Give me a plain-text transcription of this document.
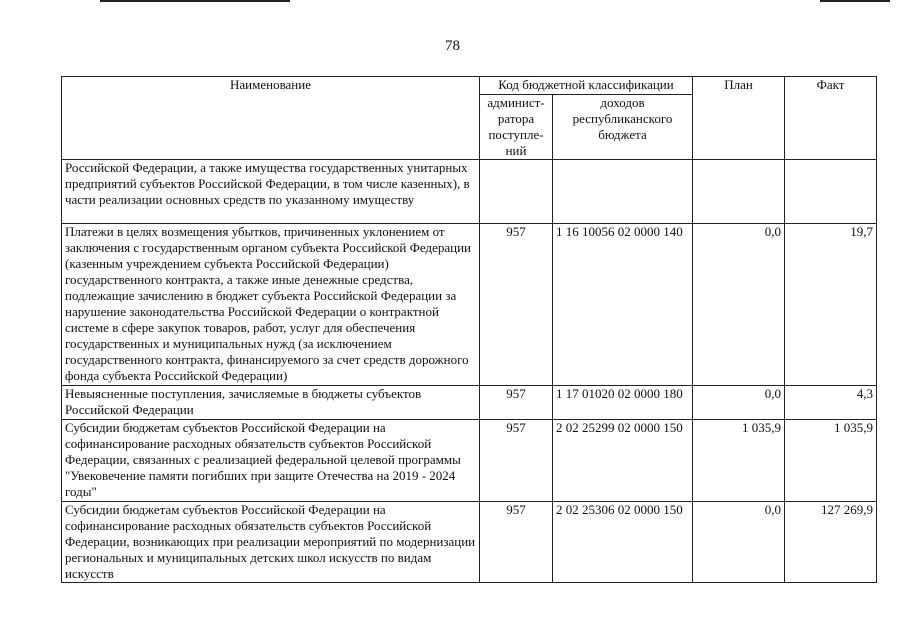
78
Наименование	Код бюджетной классификации		План	Факт
	админист-ратора поступле-ний	доходов республиканского бюджета		
Российской Федерации, а также имущества государственных унитарных предприятий субъектов Российской Федерации, в том числе казенных), в части реализации основных средств по указанному имуществу				
Платежи в целях возмещения убытков, причиненных уклонением от заключения с государственным органом субъекта Российской Федерации (казенным учреждением субъекта Российской Федерации) государственного контракта, а также иные денежные средства, подлежащие зачислению в бюджет субъекта Российской Федерации за нарушение законодательства Российской Федерации о контрактной системе в сфере закупок товаров, работ, услуг для обеспечения государственных и муниципальных нужд (за исключением государственного контракта, финансируемого за счет средств дорожного фонда субъекта Российской Федерации)	957	1 16 10056 02 0000 140	0,0	19,7
Невыясненные поступления, зачисляемые в бюджеты субъектов Российской Федерации	957	1 17 01020 02 0000 180	0,0	4,3
Субсидии бюджетам субъектов Российской Федерации на софинансирование расходных обязательств субъектов Российской Федерации, связанных с реализацией федеральной целевой программы "Увековечение памяти погибших при защите Отечества на 2019 - 2024 годы"	957	2 02 25299 02 0000 150	1 035,9	1 035,9
Субсидии бюджетам субъектов Российской Федерации на софинансирование расходных обязательств субъектов Российской Федерации, возникающих при реализации мероприятий по модернизации региональных и муниципальных детских школ искусств по видам искусств	957	2 02 25306 02 0000 150	0,0	127 269,9
